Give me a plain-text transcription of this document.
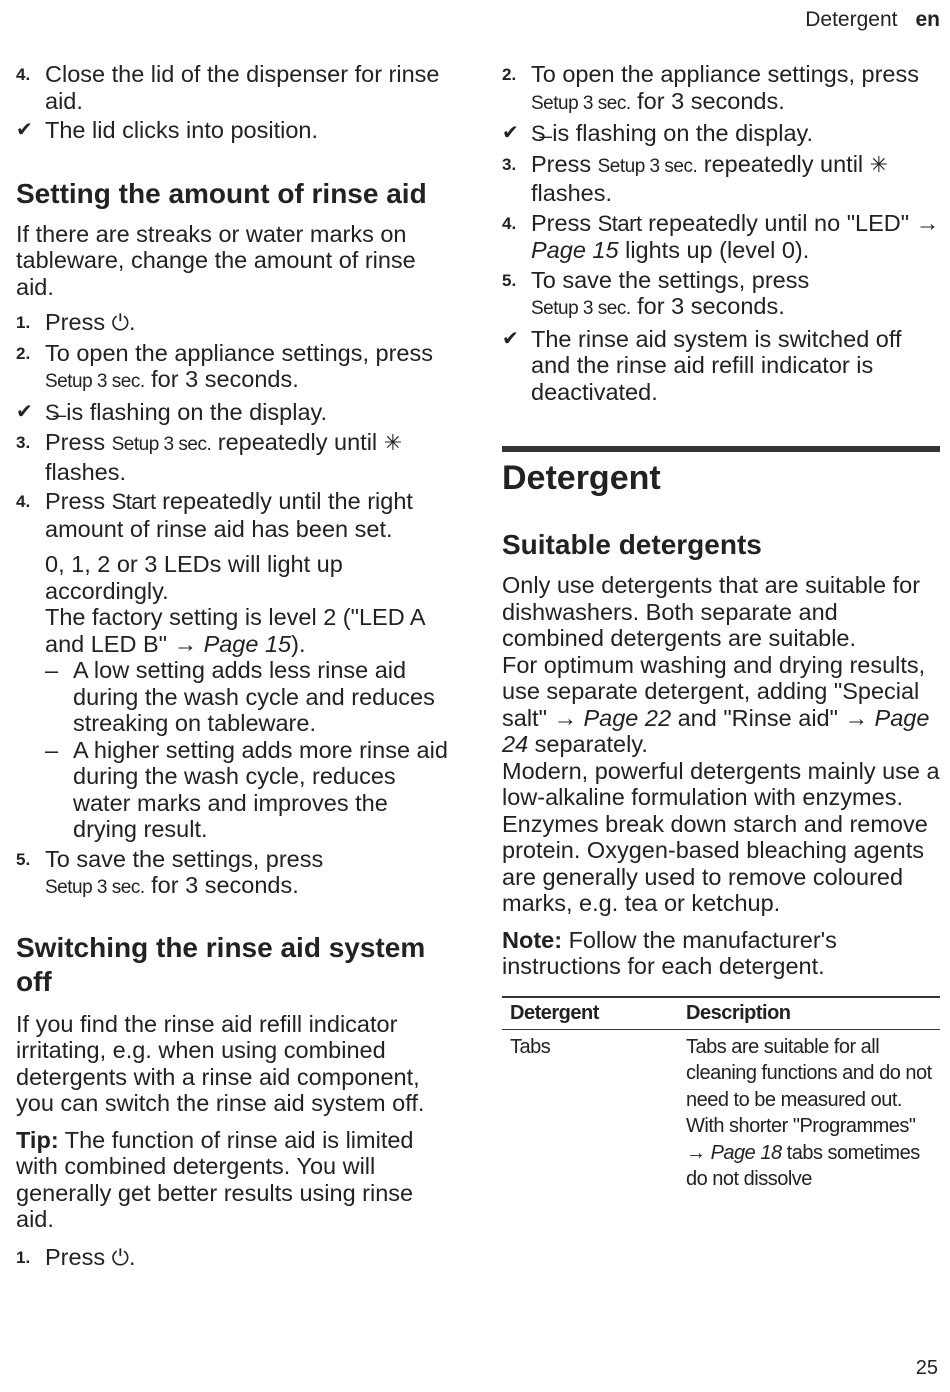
Detergent en
4. Close the lid of the dispenser for rinse aid.
✔ The lid clicks into position.
Setting the amount of rinse aid

If there are streaks or water marks on tableware, change the amount of rinse aid.

1. Press ⏻.
2. To open the appliance settings, press Setup 3 sec. for 3 seconds.
✔ S̶ is flashing on the display.
3. Press Setup 3 sec. repeatedly until ✳ flashes.
4. Press Start repeatedly until the right amount of rinse aid has been set.

0, 1, 2 or 3 LEDs will light up accordingly.

The factory setting is level 2 ("LED A and LED B" → Page 15).

– A low setting adds less rinse aid during the wash cycle and reduces streaking on tableware.
– A higher setting adds more rinse aid during the wash cycle, reduces water marks and improves the drying result.
5. To save the settings, press
Setup 3 sec. for 3 seconds.
Switching the rinse aid system off

If you find the rinse aid refill indicator irritating, e.g. when using combined detergents with a rinse aid component, you can switch the rinse aid system off.

Tip: The function of rinse aid is limited with combined detergents. You will generally get better results using rinse aid.

1. Press ⏻.
2. To open the appliance settings, press Setup 3 sec. for 3 seconds.
✔ S̶ is flashing on the display.
3. Press Setup 3 sec. repeatedly until ✳ flashes.
4. Press Start repeatedly until no "LED" → Page 15 lights up (level 0).
5. To save the settings, press
Setup 3 sec. for 3 seconds.
✔ The rinse aid system is switched off and the rinse aid refill indicator is deactivated.
Detergent
Suitable detergents

Only use detergents that are suitable for dishwashers. Both separate and combined detergents are suitable.

For optimum washing and drying results, use separate detergent, adding "Special salt" → Page 22 and "Rinse aid" → Page 24 separately.

Modern, powerful detergents mainly use a low-alkaline formulation with enzymes. Enzymes break down starch and remove protein. Oxygen-based bleaching agents are generally used to remove coloured marks, e.g. tea or ketchup.

Note: Follow the manufacturer's instructions for each detergent.

Detergent	Description
Tabs	Tabs are suitable for all cleaning functions and do not need to be measured out.
With shorter "Programmes" → Page 18 tabs sometimes do not dissolve
25
